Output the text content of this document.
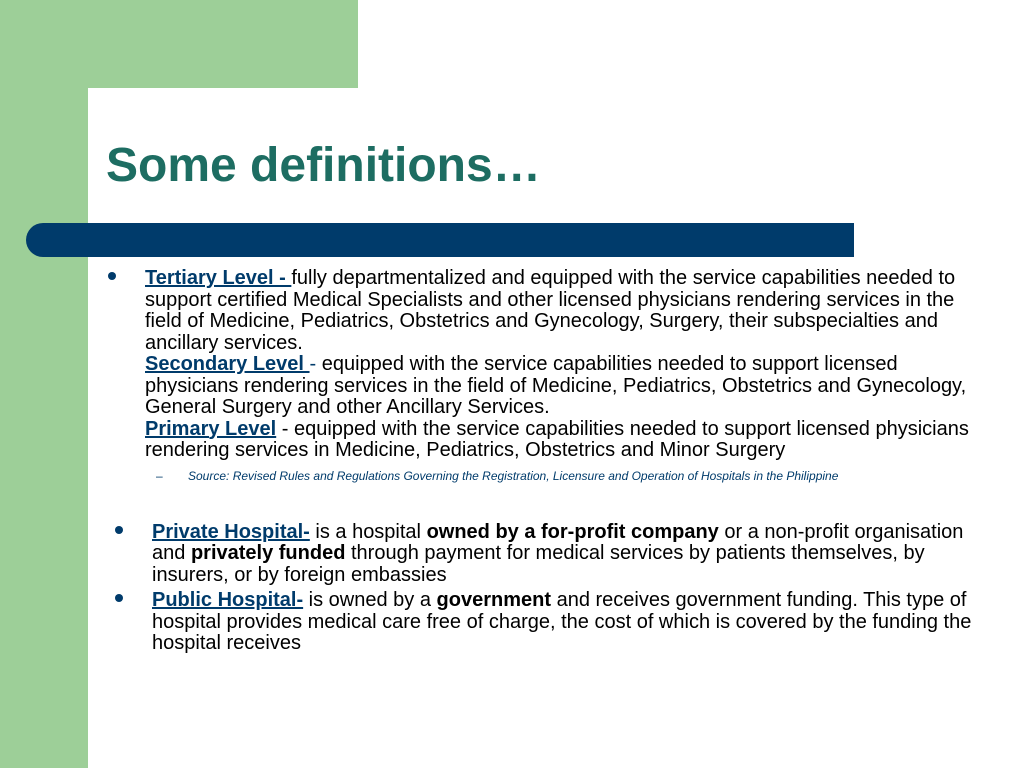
Some definitions…
Tertiary Level - fully departmentalized and equipped with the service capabilities needed to support certified Medical Specialists and other licensed physicians rendering services in the field of Medicine, Pediatrics, Obstetrics and Gynecology, Surgery, their subspecialties and ancillary services.
Secondary Level - equipped with the service capabilities needed to support licensed physicians rendering services in the field of Medicine, Pediatrics, Obstetrics and Gynecology, General Surgery and other Ancillary Services.
Primary Level - equipped with the service capabilities needed to support licensed physicians rendering services in Medicine, Pediatrics, Obstetrics and Minor Surgery
– Source: Revised Rules and Regulations Governing the Registration, Licensure and Operation of Hospitals in the Philippine
Private Hospital- is a hospital owned by a for-profit company or a non-profit organisation and privately funded through payment for medical services by patients themselves, by insurers, or by foreign embassies
Public Hospital- is owned by a government and receives government funding. This type of hospital provides medical care free of charge, the cost of which is covered by the funding the hospital receives
